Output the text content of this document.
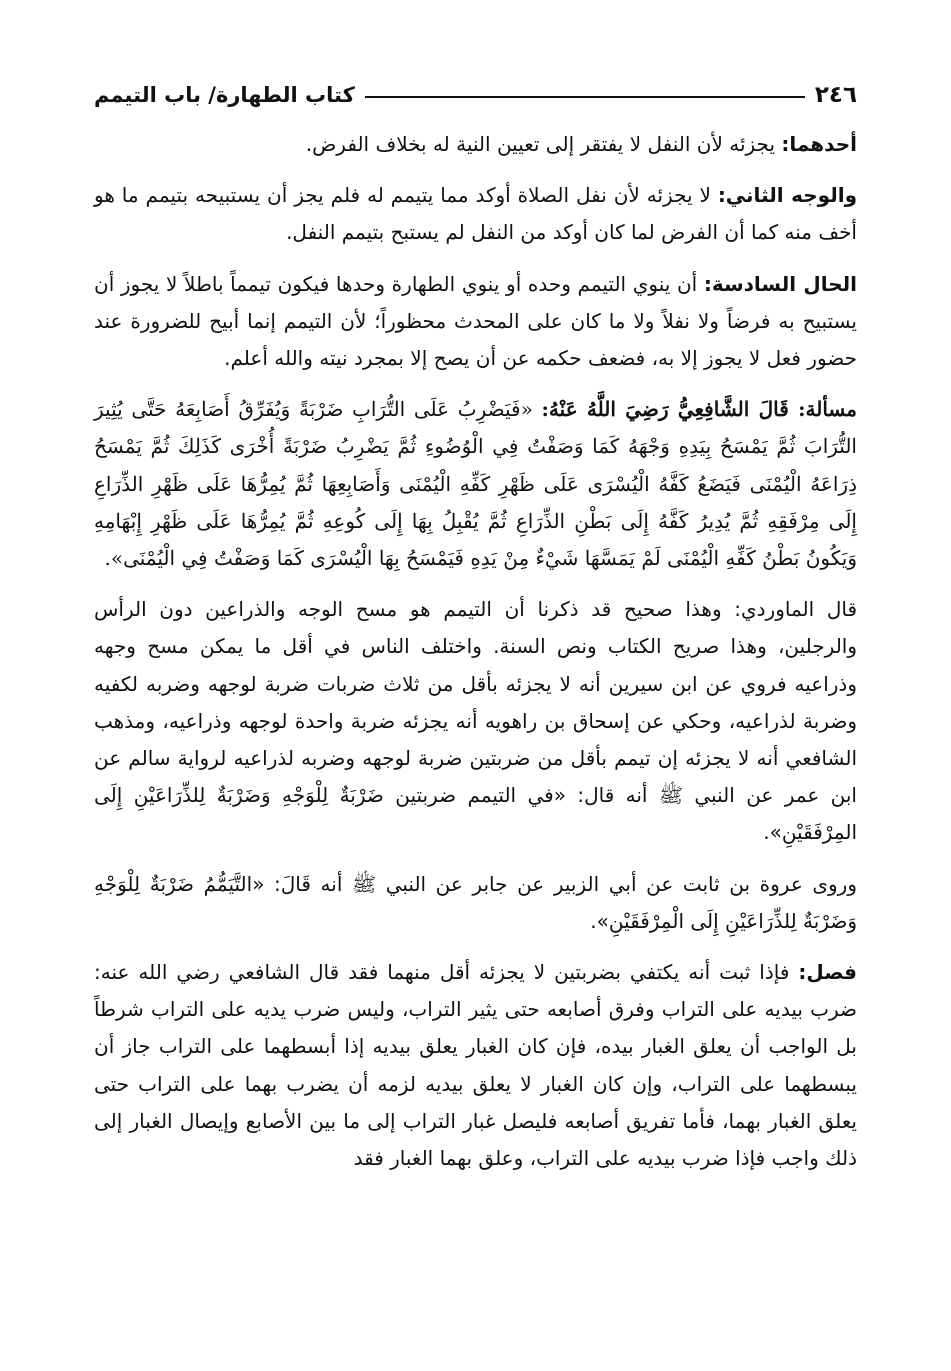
٢٤٦
كتاب الطهارة/ باب التيمم

أحدهما: يجزئه لأن النفل لا يفتقر إلى تعيين النية له بخلاف الفرض.

والوجه الثاني: لا يجزئه لأن نفل الصلاة أوكد مما يتيمم له فلم يجز أن يستبيحه بتيمم ما هو أخف منه كما أن الفرض لما كان أوكد من النفل لم يستبح بتيمم النفل.

الحال السادسة: أن ينوي التيمم وحده أو ينوي الطهارة وحدها فيكون تيمماً باطلاً لا يجوز أن يستبيح به فرضاً ولا نفلاً ولا ما كان على المحدث محظوراً؛ لأن التيمم إنما أبيح للضرورة عند حضور فعل لا يجوز إلا به، فضعف حكمه عن أن يصح إلا بمجرد نيته والله أعلم.

مسألة: قَالَ الشَّافِعِيُّ رَضِيَ اللَّهُ عَنْهُ: «فَيَضْرِبُ عَلَى التُّرَابِ ضَرْبَةً وَيُفَرِّقُ أَصَابِعَهُ حَتَّى يُثِيرَ التُّرَابَ ثُمَّ يَمْسَحُ بِيَدِهِ وَجْهَهُ كَمَا وَصَفْتُ فِي الْوُضُوءِ ثُمَّ يَضْرِبُ ضَرْبَةً أُخْرَى كَذَلِكَ ثُمَّ يَمْسَحُ ذِرَاعَهُ الْيُمْنَى فَيَضَعُ كَفَّهُ الْيُسْرَى عَلَى ظَهْرِ كَفِّهِ الْيُمْنَى وَأَصَابِعِهَا ثُمَّ يُمِرُّهَا عَلَى ظَهْرِ الذِّرَاعِ إِلَى مِرْفَقِهِ ثُمَّ يُدِيرُ كَفَّهُ إِلَى بَطْنِ الذِّرَاعِ ثُمَّ يُقْبِلُ بِهَا إِلَى كُوعِهِ ثُمَّ يُمِرُّهَا عَلَى ظَهْرِ إِبْهَامِهِ وَيَكُونُ بَطْنُ كَفِّهِ الْيُمْنَى لَمْ يَمَسَّهَا شَيْءٌ مِنْ يَدِهِ فَيَمْسَحُ بِهَا الْيُسْرَى كَمَا وَصَفْتُ فِي الْيُمْنَى».

قال الماوردي: وهذا صحيح قد ذكرنا أن التيمم هو مسح الوجه والذراعين دون الرأس والرجلين، وهذا صريح الكتاب ونص السنة. واختلف الناس في أقل ما يمكن مسح وجهه وذراعيه فروي عن ابن سيرين أنه لا يجزئه بأقل من ثلاث ضربات ضربة لوجهه وضربه لكفيه وضربة لذراعيه، وحكي عن إسحاق بن راهويه أنه يجزئه ضربة واحدة لوجهه وذراعيه، ومذهب الشافعي أنه لا يجزئه إن تيمم بأقل من ضربتين ضربة لوجهه وضربه لذراعيه لرواية سالم عن ابن عمر عن النبي ﷺ أنه قال: «في التيمم ضربتين ضَرْبَةٌ لِلْوَجْهِ وَضَرْبَةٌ لِلذِّرَاعَيْنِ إِلَى المِرْفَقَيْنِ».

وروى عروة بن ثابت عن أبي الزبير عن جابر عن النبي ﷺ أنه قَالَ: «التَّيَمُّمُ ضَرْبَةٌ لِلْوَجْهِ وَضَرْبَةٌ لِلذِّرَاعَيْنِ إِلَى الْمِرْفَقَيْنِ».

فصل: فإذا ثبت أنه يكتفي بضربتين لا يجزئه أقل منهما فقد قال الشافعي رضي الله عنه: ضرب بيديه على التراب وفرق أصابعه حتى يثير التراب، وليس ضرب يديه على التراب شرطاً بل الواجب أن يعلق الغبار بيده، فإن كان الغبار يعلق بيديه إذا أبسطهما على التراب جاز أن يبسطهما على التراب، وإن كان الغبار لا يعلق بيديه لزمه أن يضرب بهما على التراب حتى يعلق الغبار بهما، فأما تفريق أصابعه فليصل غبار التراب إلى ما بين الأصابع وإيصال الغبار إلى ذلك واجب فإذا ضرب بيديه على التراب، وعلق بهما الغبار فقد
